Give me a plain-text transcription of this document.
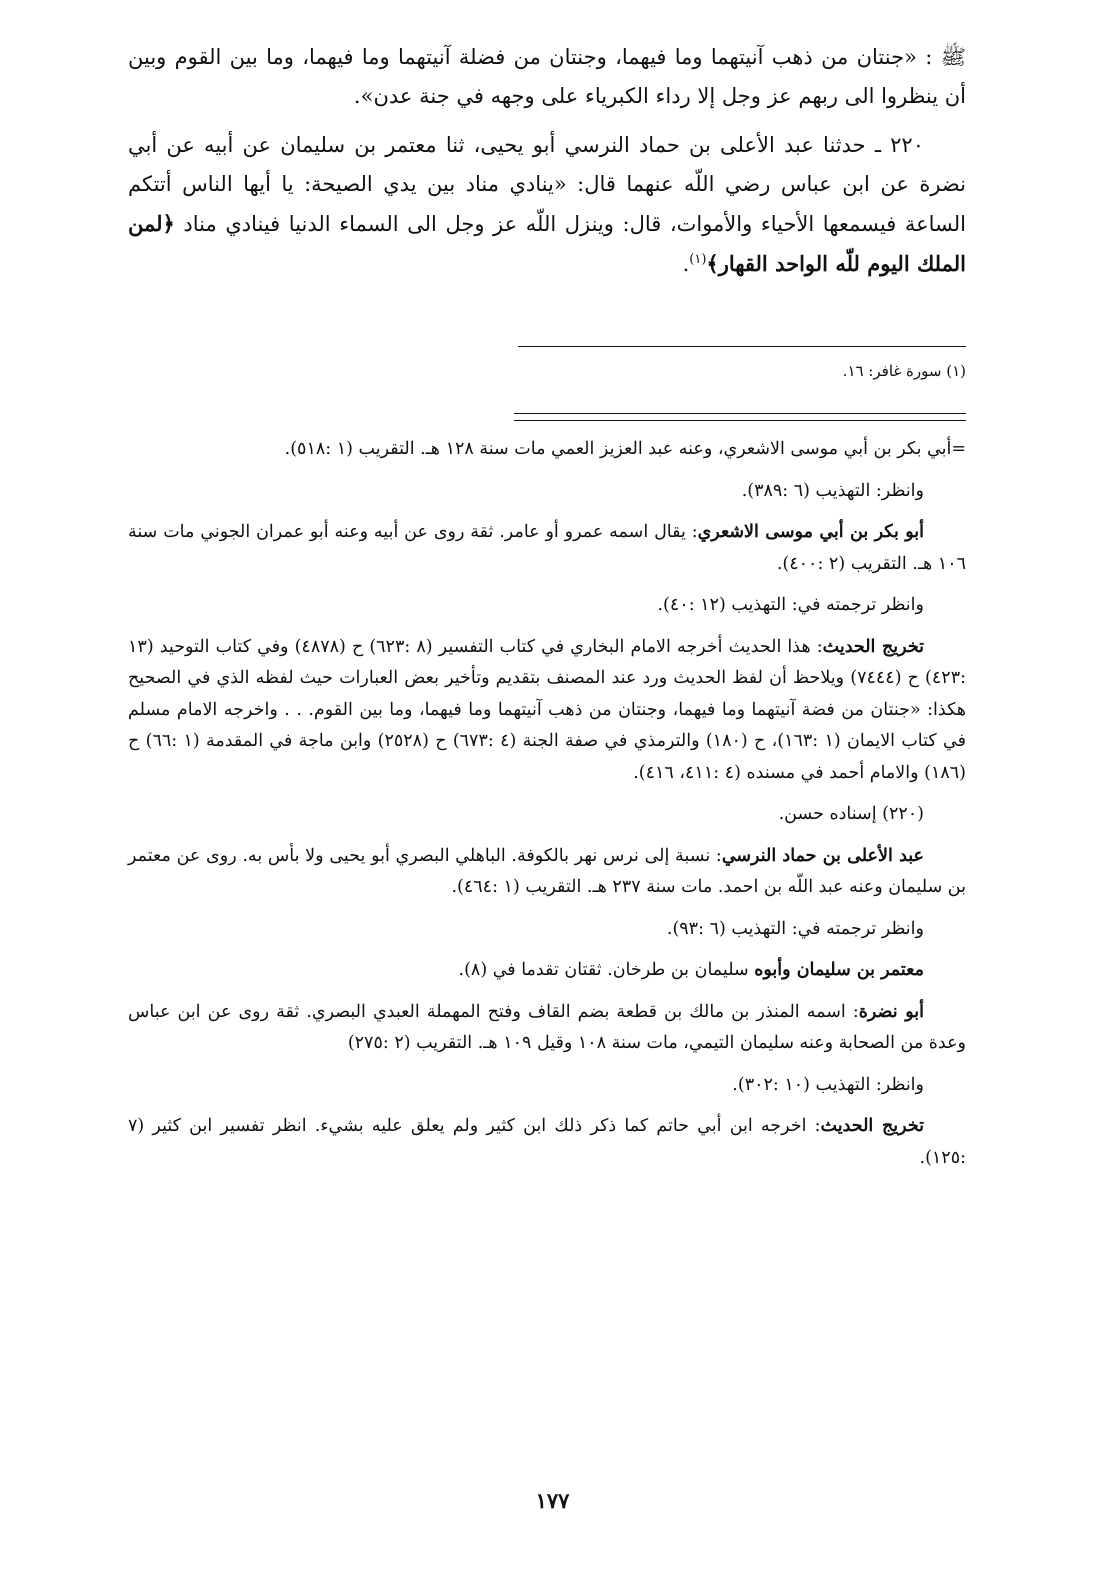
ﷺ : «جنتان من ذهب آنيتهما وما فيهما، وجنتان من فضلة آنيتهما وما فيهما، وما بين القوم وبين أن ينظروا الى ربهم عز وجل إلا رداء الكبرياء على وجهه في جنة عدن».

٢٢٠ ـ حدثنا عبد الأعلى بن حماد النرسي أبو يحيى، ثنا معتمر بن سليمان عن أبيه عن أبي نضرة عن ابن عباس رضي اللّه عنهما قال: «ينادي مناد بين يدي الصيحة: يا أيها الناس أتتكم الساعة فيسمعها الأحياء والأموات، قال: وينزل اللّه عز وجل الى السماء الدنيا فينادي مناد ﴿لمن الملك اليوم للّه الواحد القهار﴾$^{(١)}$.

(١) سورة غافر: ١٦.

=أبي بكر بن أبي موسى الاشعري، وعنه عبد العزيز العمي مات سنة ١٢٨ هـ. التقريب (١ :٥١٨).

وانظر: التهذيب (٦ :٣٨٩).

أبو بكر بن أبي موسى الاشعري: يقال اسمه عمرو أو عامر. ثقة روى عن أبيه وعنه أبو عمران الجوني مات سنة ١٠٦ هـ. التقريب (٢ :٤٠٠).

وانظر ترجمته في: التهذيب (١٢ :٤٠).

تخريج الحديث: هذا الحديث أخرجه الامام البخاري في كتاب التفسير (٨ :٦٢٣) ح (٤٨٧٨) وفي كتاب التوحيد (١٣ :٤٢٣) ح (٧٤٤٤) ويلاحظ أن لفظ الحديث ورد عند المصنف بتقديم وتأخير بعض العبارات حيث لفظه الذي في الصحيح هكذا: «جنتان من فضة آنيتهما وما فيهما، وجنتان من ذهب آنيتهما وما فيهما، وما بين القوم. . . واخرجه الامام مسلم في كتاب الايمان (١ :١٦٣)، ح (١٨٠) والترمذي في صفة الجنة (٤ :٦٧٣) ح (٢٥٢٨) وابن ماجة في المقدمة (١ :٦٦) ح (١٨٦) والامام أحمد في مسنده (٤ :٤١١، ٤١٦).

(٢٢٠) إسناده حسن.

عبد الأعلى بن حماد النرسي: نسبة إلى نرس نهر بالكوفة. الباهلي البصري أبو يحيى ولا بأس به. روى عن معتمر بن سليمان وعنه عبد اللّه بن احمد. مات سنة ٢٣٧ هـ. التقريب (١ :٤٦٤).

وانظر ترجمته في: التهذيب (٦ :٩٣).

معتمر بن سليمان وأبوه سليمان بن طرخان. ثقتان تقدما في (٨).

أبو نضرة: اسمه المنذر بن مالك بن قطعة بضم القاف وفتح المهملة العبدي البصري. ثقة روى عن ابن عباس وعدة من الصحابة وعنه سليمان التيمي، مات سنة ١٠٨ وقيل ١٠٩ هـ. التقريب (٢ :٢٧٥)

وانظر: التهذيب (١٠ :٣٠٢).

تخريج الحديث: اخرجه ابن أبي حاتم كما ذكر ذلك ابن كثير ولم يعلق عليه بشيء. انظر تفسير ابن كثير (٧ :١٢٥).

١٧٧
